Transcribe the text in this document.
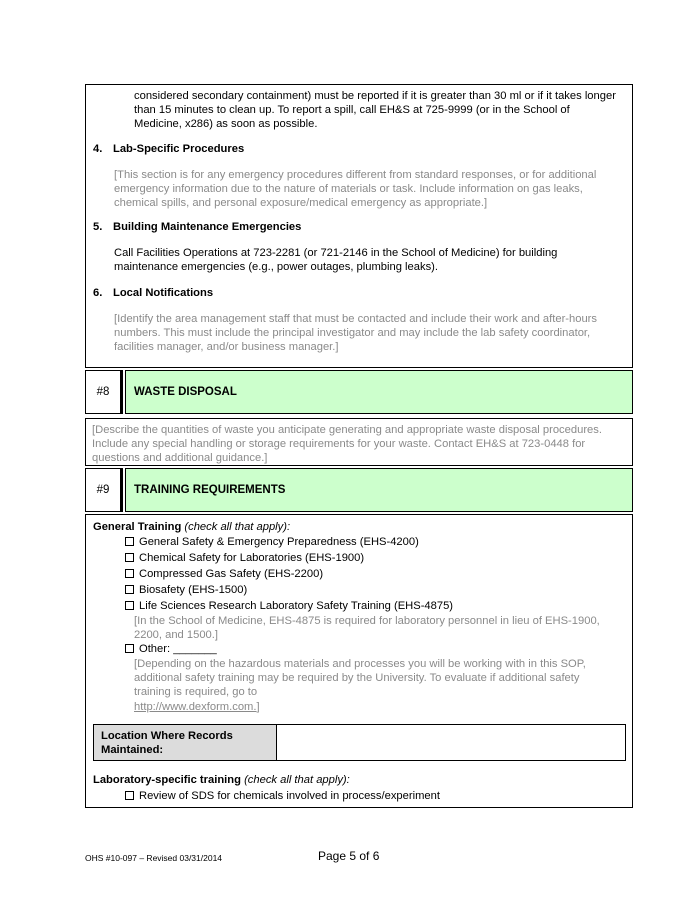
considered secondary containment) must be reported if it is greater than 30 ml or if it takes longer
than 15 minutes to clean up. To report a spill, call EH&S at 725-9999 (or in the School of
Medicine, x286) as soon as possible.
4. Lab-Specific Procedures
[This section is for any emergency procedures different from standard responses, or for additional
emergency information due to the nature of materials or task. Include information on gas leaks,
chemical spills, and personal exposure/medical emergency as appropriate.]
5. Building Maintenance Emergencies
Call Facilities Operations at 723-2281 (or 721-2146 in the School of Medicine) for building
maintenance emergencies (e.g., power outages, plumbing leaks).
6. Local Notifications
[Identify the area management staff that must be contacted and include their work and after-hours
numbers. This must include the principal investigator and may include the lab safety coordinator,
facilities manager, and/or business manager.]
#8 WASTE DISPOSAL
[Describe the quantities of waste you anticipate generating and appropriate waste disposal procedures.
Include any special handling or storage requirements for your waste. Contact EH&S at 723-0448 for
questions and additional guidance.]
#9 TRAINING REQUIREMENTS
General Training (check all that apply):
General Safety & Emergency Preparedness (EHS-4200)
Chemical Safety for Laboratories (EHS-1900)
Compressed Gas Safety (EHS-2200)
Biosafety (EHS-1500)
Life Sciences Research Laboratory Safety Training (EHS-4875)
[In the School of Medicine, EHS-4875 is required for laboratory personnel in lieu of EHS-1900,
2200, and 1500.]
Other: _______
[Depending on the hazardous materials and processes you will be working with in this SOP,
additional safety training may be required by the University. To evaluate if additional safety
training is required, go to
http://www.dexform.com.]
Location Where Records
Maintained:
Laboratory-specific training (check all that apply):
Review of SDS for chemicals involved in process/experiment
OHS #10-097 – Revised 03/31/2014	Page 5 of 6
